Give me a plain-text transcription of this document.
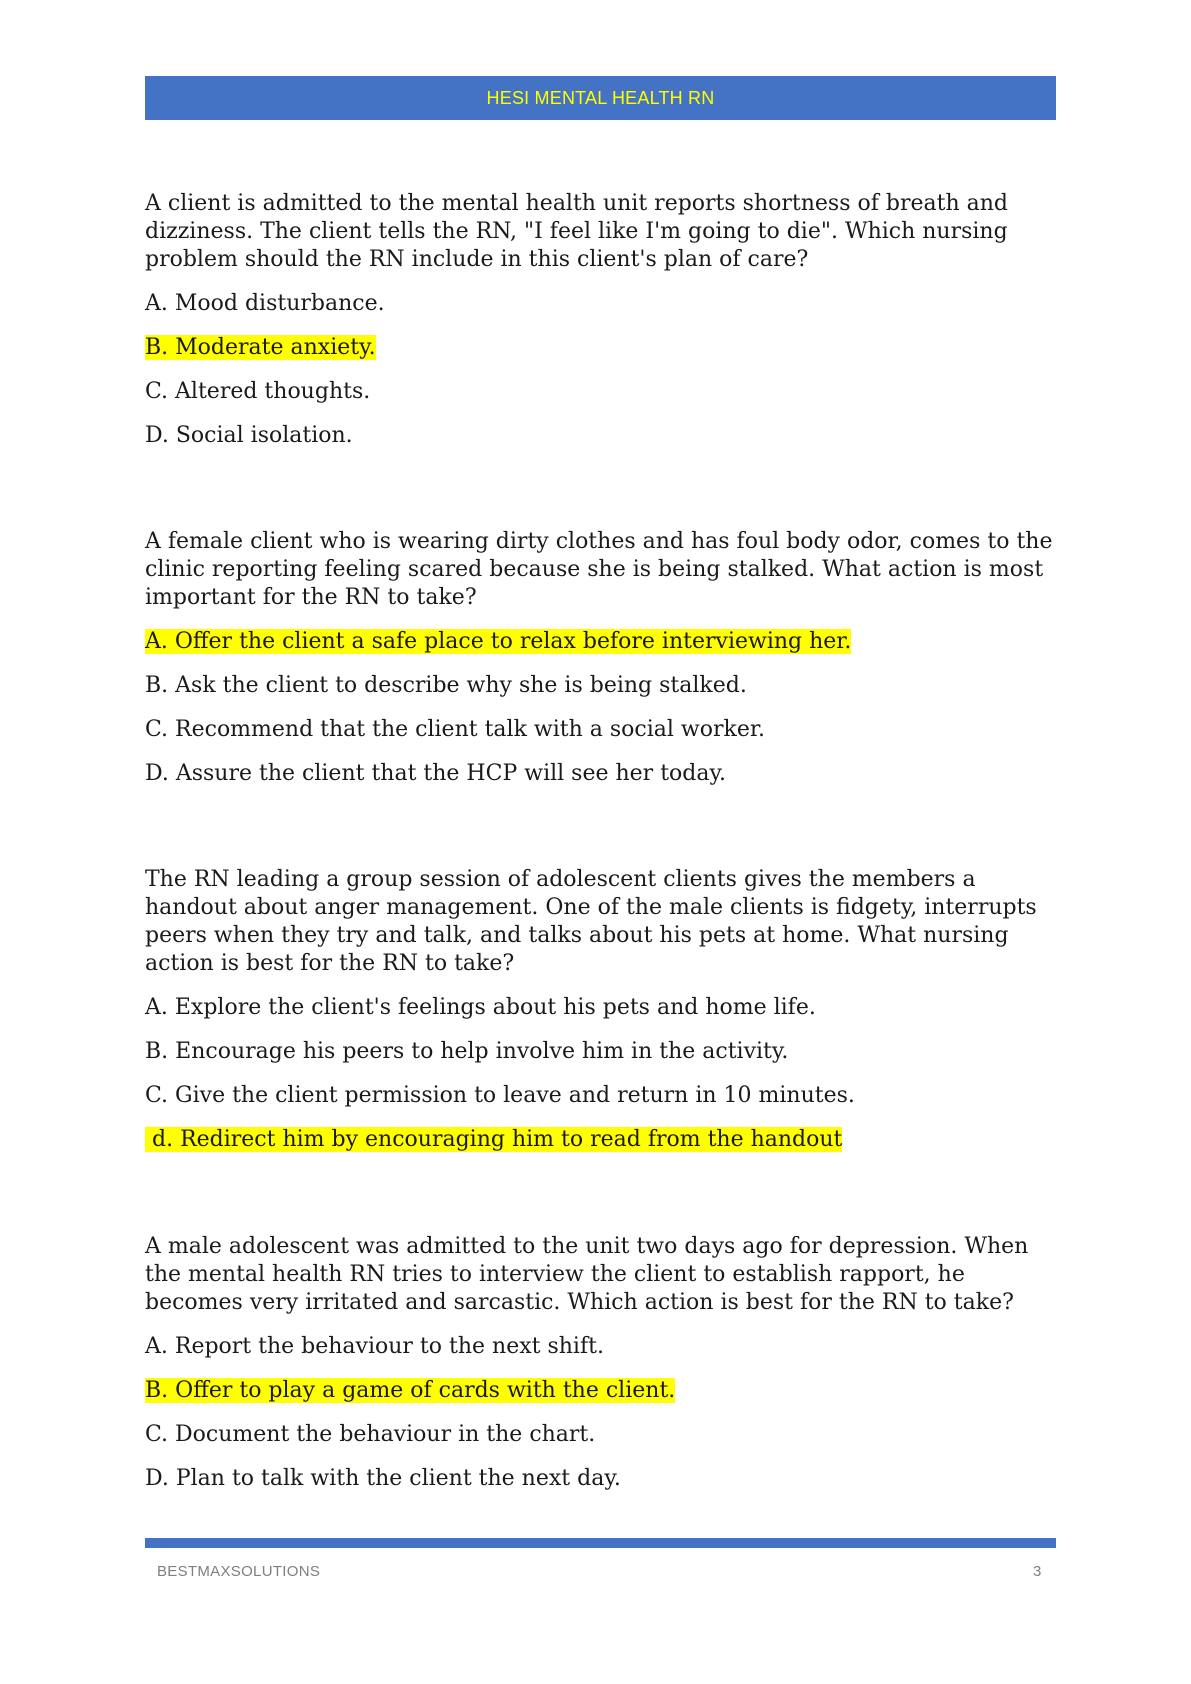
HESI MENTAL HEALTH RN

A client is admitted to the mental health unit reports shortness of breath and dizziness. The client tells the RN, "I feel like I'm going to die". Which nursing problem should the RN include in this client's plan of care?

A. Mood disturbance.
B. Moderate anxiety.
C. Altered thoughts.
D. Social isolation.

A female client who is wearing dirty clothes and has foul body odor, comes to the clinic reporting feeling scared because she is being stalked. What action is most important for the RN to take?

A. Offer the client a safe place to relax before interviewing her.
B. Ask the client to describe why she is being stalked.
C. Recommend that the client talk with a social worker.
D. Assure the client that the HCP will see her today.

The RN leading a group session of adolescent clients gives the members a handout about anger management. One of the male clients is fidgety, interrupts peers when they try and talk, and talks about his pets at home. What nursing action is best for the RN to take?

A. Explore the client's feelings about his pets and home life.
B. Encourage his peers to help involve him in the activity.
C. Give the client permission to leave and return in 10 minutes.
d. Redirect him by encouraging him to read from the handout

A male adolescent was admitted to the unit two days ago for depression. When the mental health RN tries to interview the client to establish rapport, he becomes very irritated and sarcastic. Which action is best for the RN to take?

A. Report the behaviour to the next shift.
B. Offer to play a game of cards with the client.
C. Document the behaviour in the chart.
D. Plan to talk with the client the next day.
BESTMAXSOLUTIONS	3
